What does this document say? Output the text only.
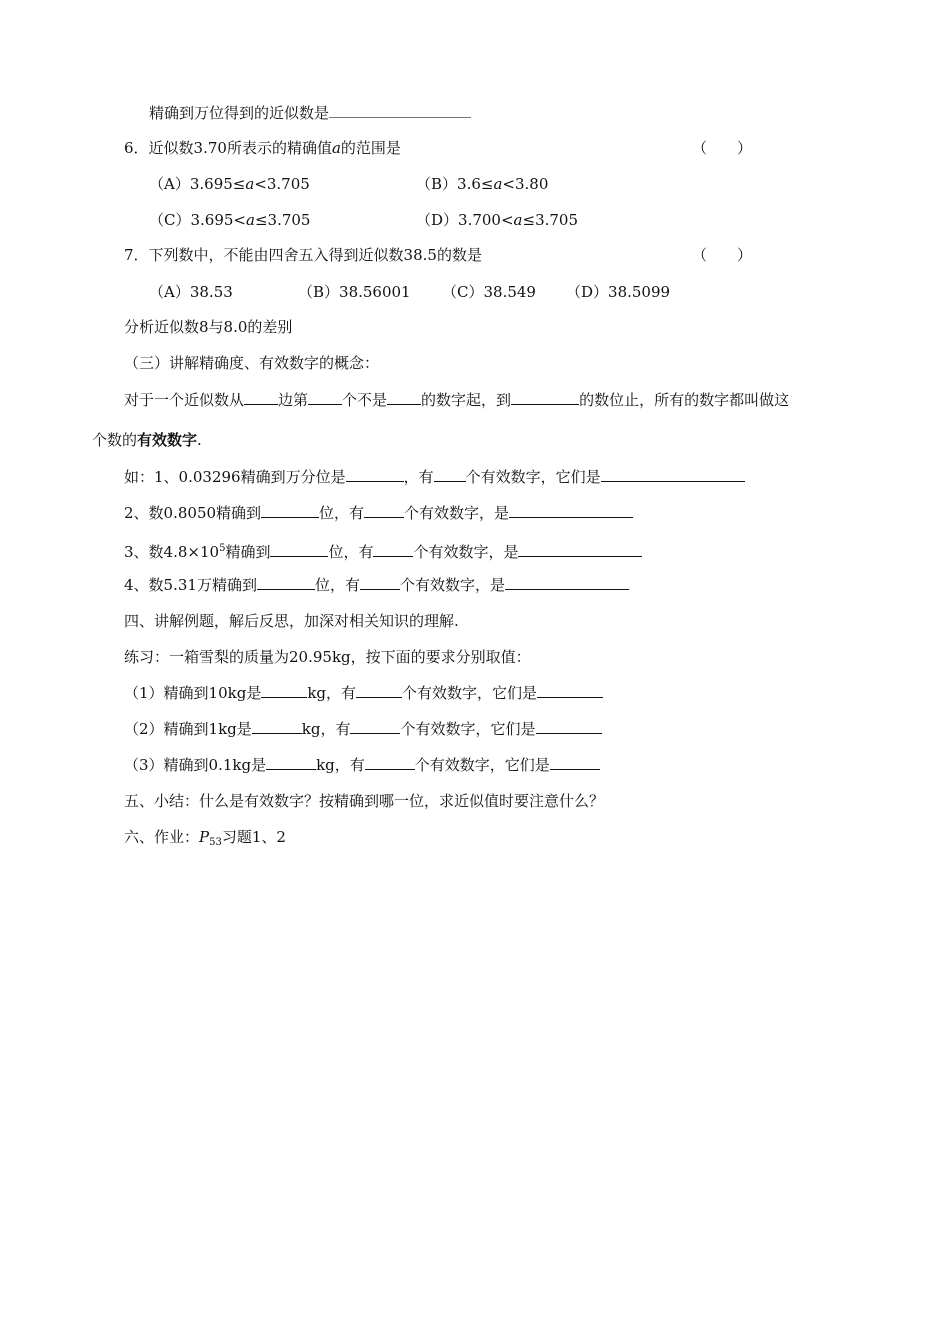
精确到万位得到的近似数是
6．近似数3.70所表示的精确值a的范围是	（　　）
（A）3.695≤a<3.705	（B）3.6≤a<3.80
（C）3.695<a≤3.705	（D）3.700<a≤3.705
7．下列数中，不能由四舍五入得到近似数38.5的数是	（　　）
（A）38.53	（B）38.56001 （C）38.549 （D）38.5099
分析近似数8与8.0的差别
（三）讲解精确度、有效数字的概念：
对于一个近似数从 边第 个不是 的数字起，到	的数位止，所有的数字都叫做这
个数的有效数字.
如：1、0.03296精确到万分位是	，有 个有效数字，它们是
2、数0.8050精确到	位，有	个有效数字，是
3、数$4.8\times 10^5$精确到	位，有	个有效数字，是
4、数5.31万精确到	位，有	个有效数字，是
四、讲解例题，解后反思，加深对相关知识的理解.
练习：一箱雪梨的质量为20.95kg，按下面的要求分别取值：
（1）精确到10kg是	kg，有	个有效数字，它们是
（2）精确到1kg是	kg，有	个有效数字，它们是
（3）精确到0.1kg是	kg，有	个有效数字，它们是
五、小结：什么是有效数字？按精确到哪一位，求近似值时要注意什么？
六、作业：$P_{53}$习题1、2
